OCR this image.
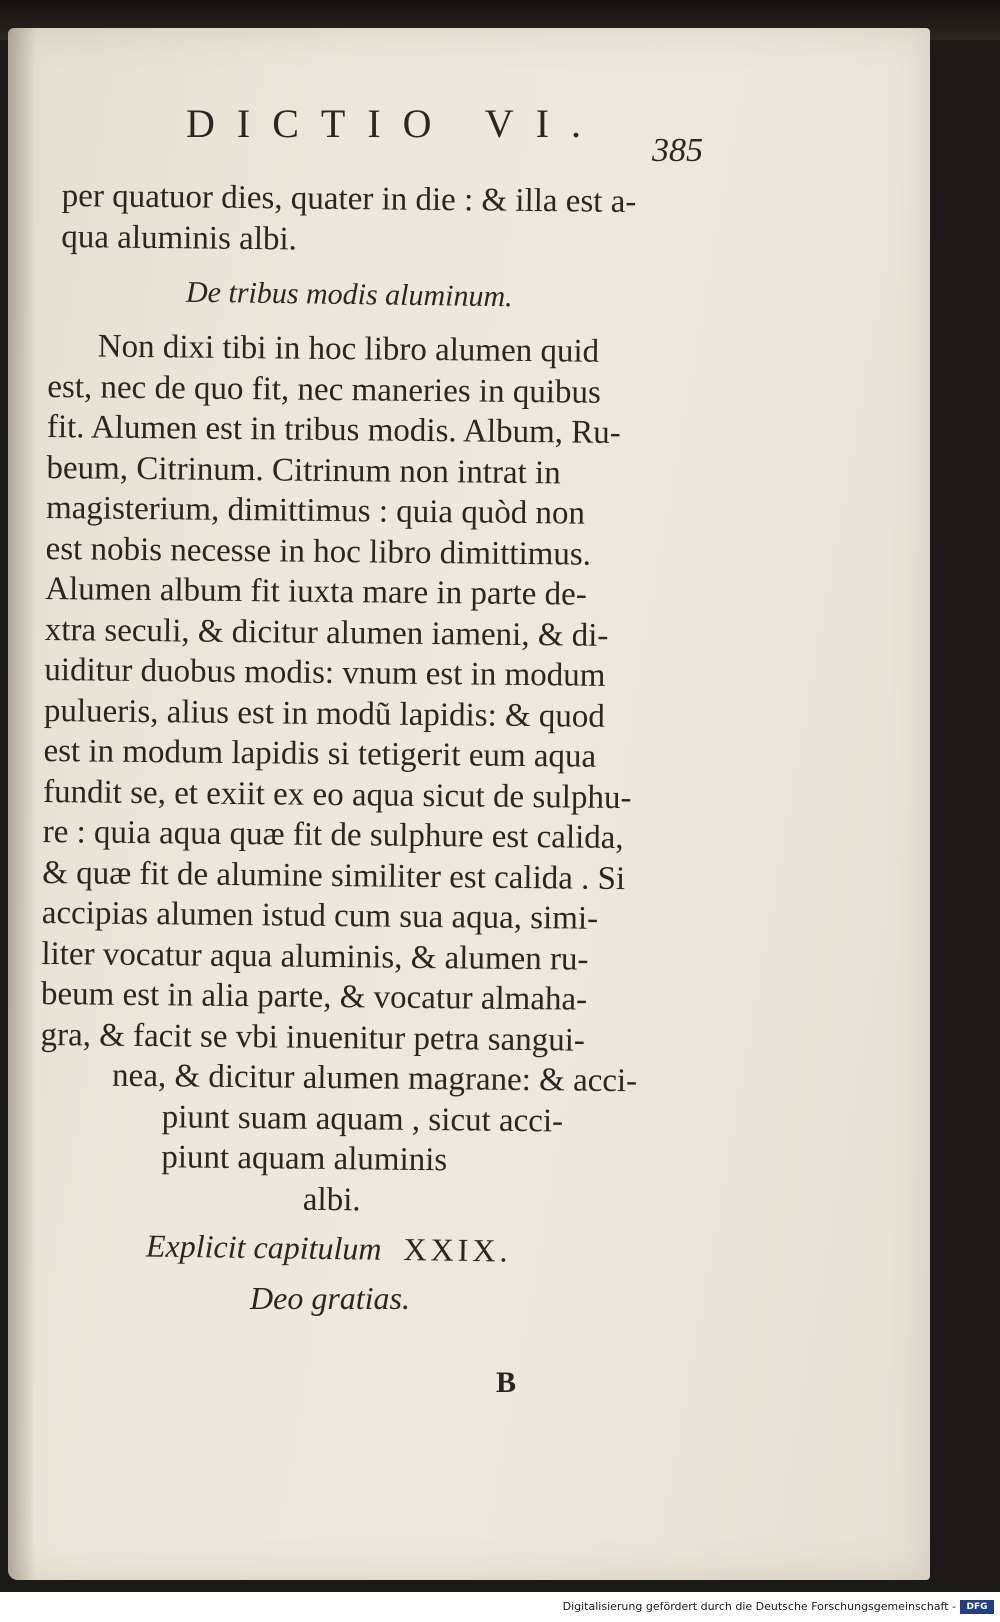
DICTIO VI.
385
per quatuor dies, quater in die : & illa est a-
qua aluminis albi.
De tribus modis aluminum.
Non dixi tibi in hoc libro alumen quid
est, nec de quo fit, nec maneries in quibus
fit. Alumen est in tribus modis. Album, Ru-
beum, Citrinum. Citrinum non intrat in
magisterium, dimittimus : quia quòd non
est nobis necesse in hoc libro dimittimus.
Alumen album fit iuxta mare in parte de-
xtra seculi, & dicitur alumen iameni, & di-
uiditur duobus modis: vnum est in modum
pulueris, alius est in modũ lapidis: & quod
est in modum lapidis si tetigerit eum aqua
fundit se, et exiit ex eo aqua sicut de sulphu-
re : quia aqua quæ fit de sulphure est calida,
& quæ fit de alumine similiter est calida . Si
accipias alumen istud cum sua aqua, simi-
liter vocatur aqua aluminis, & alumen ru-
beum est in alia parte, & vocatur almaha-
gra, & facit se vbi inuenitur petra sangui-
nea, & dicitur alumen magrane: & acci-
piunt suam aquam , sicut acci-
piunt aquam aluminis
albi.
Explicit capitulum XXIX.
Deo gratias.
B
Digitalisierung gefördert durch die Deutsche Forschungsgemeinschaft -	DFG
